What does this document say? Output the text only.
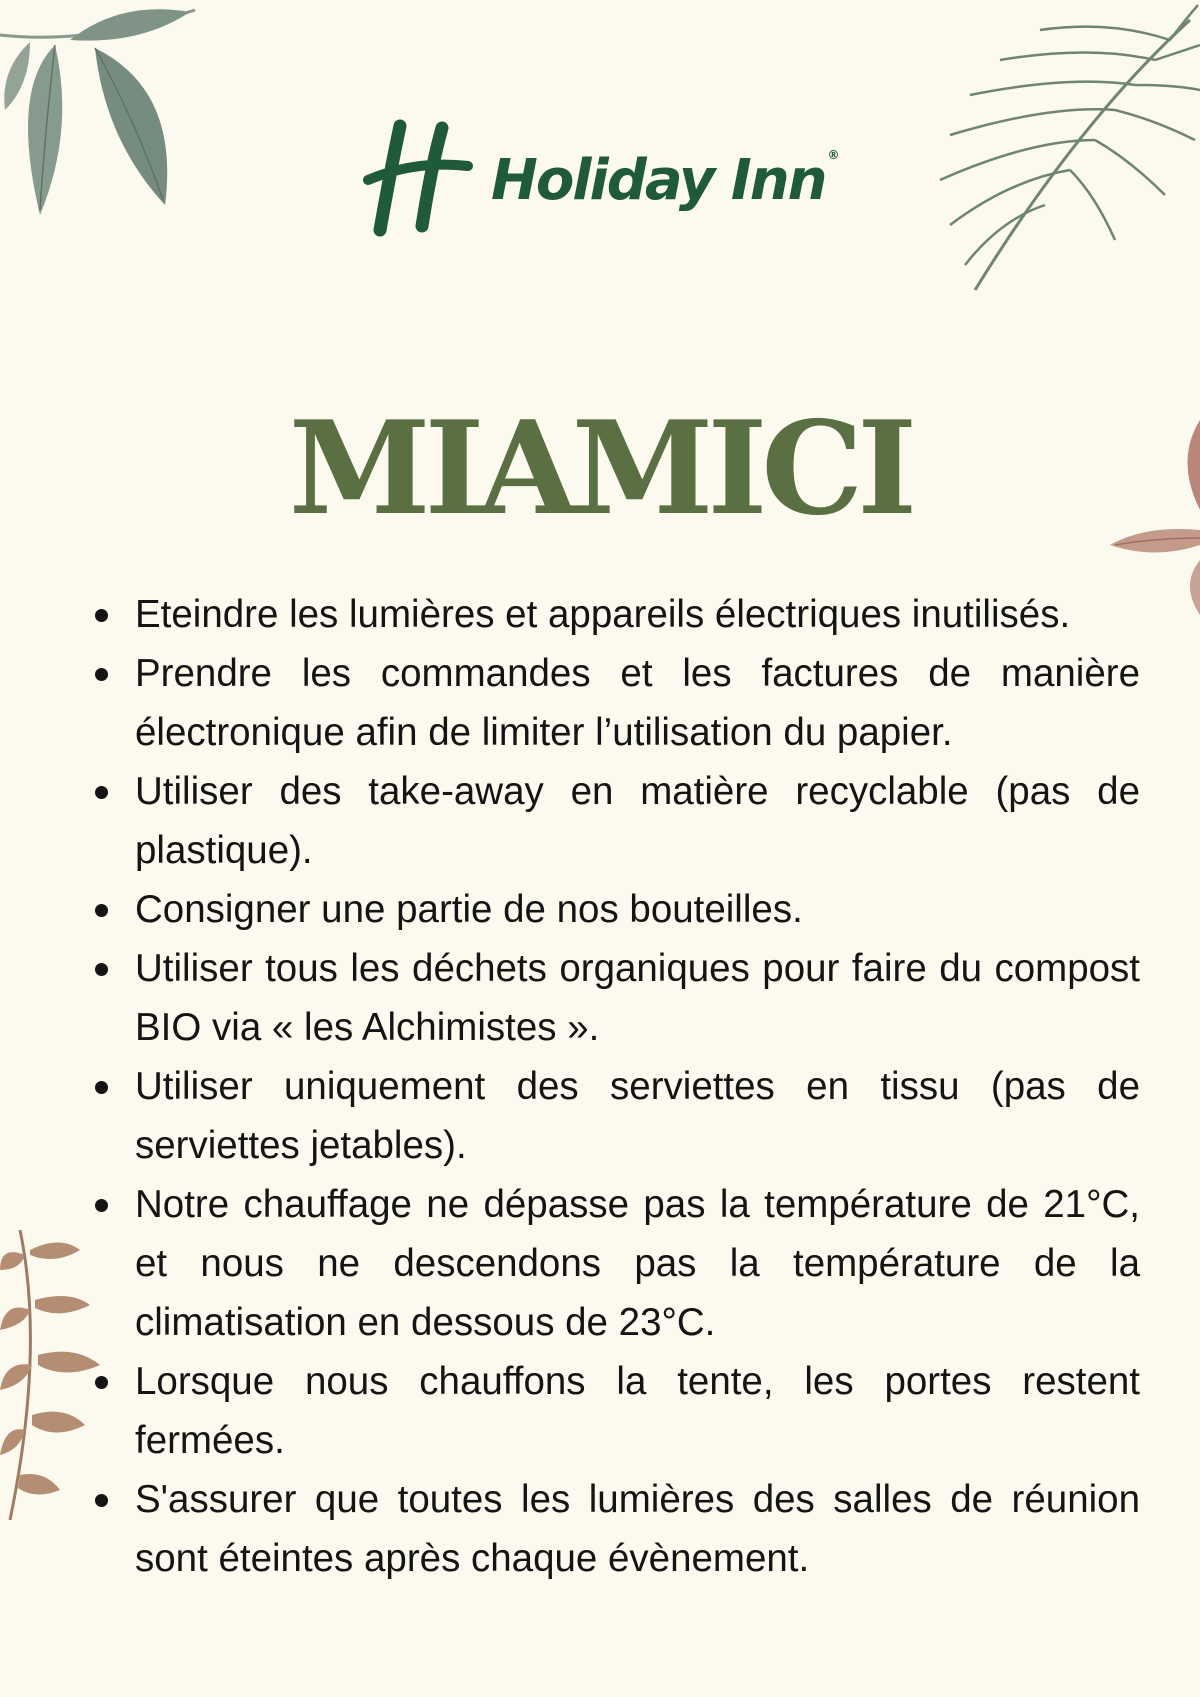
Holiday Inn ®
MIAMICI
Eteindre les lumières et appareils électriques inutilisés.
Prendre les commandes et les factures de manière électronique afin de limiter l’utilisation du papier.
Utiliser des take-away en matière recyclable (pas de plastique).
Consigner une partie de nos bouteilles.
Utiliser tous les déchets organiques pour faire du compost BIO via « les Alchimistes ».
Utiliser uniquement des serviettes en tissu (pas de serviettes jetables).
Notre chauffage ne dépasse pas la température de 21°C, et nous ne descendons pas la température de la climatisation en dessous de 23°C.
Lorsque nous chauffons la tente, les portes restent fermées.
S'assurer que toutes les lumières des salles de réunion sont éteintes après chaque évènement.
